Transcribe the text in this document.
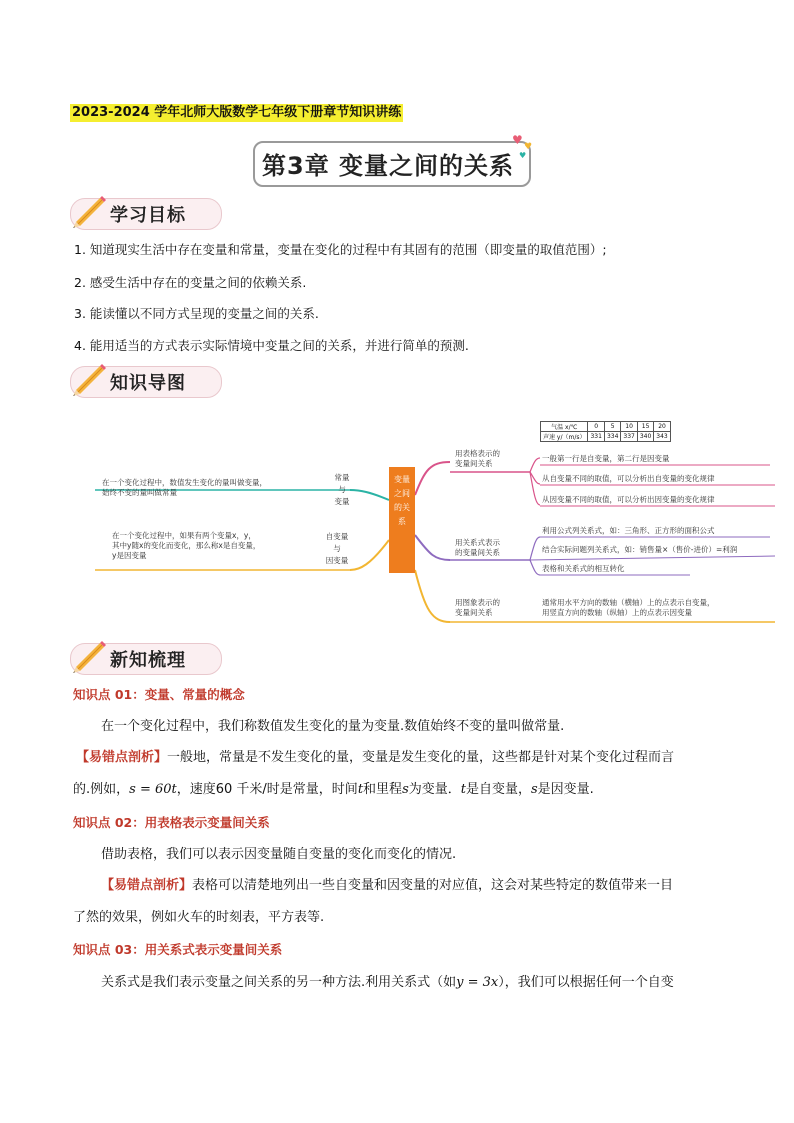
2023-2024 学年北师大版数学七年级下册章节知识讲练
第3章 变量之间的关系
♥ ♥
♥
学习目标
1. 知道现实生活中存在变量和常量，变量在变化的过程中有其固有的范围（即变量的取值范围）;
2. 感受生活中存在的变量之间的依赖关系.
3. 能读懂以不同方式呈现的变量之间的关系.
4. 能用适当的方式表示实际情境中变量之间的关系，并进行简单的预测.
知识导图
变量之间的关系
在一个变化过程中，数值发生变化的量叫做变量，
始终不变的量叫做常量
常量
与
变量
在一个变化过程中，如果有两个变量x，y，
其中y随x的变化而变化，那么称x是自变量，
y是因变量
自变量
与
因变量
用表格表示的
变量间关系
用关系式表示
的变量间关系
用图象表示的
变量间关系
气温 x/℃	0	5	10	15	20
声速 y/（m/s）	331	334	337	340	343
一般第一行是自变量，第二行是因变量
从自变量不同的取值，可以分析出自变量的变化规律
从因变量不同的取值，可以分析出因变量的变化规律
利用公式列关系式，如：三角形、正方形的面积公式
结合实际问题列关系式，如：销售量×（售价-进价）=利润
表格和关系式的相互转化
通常用水平方向的数轴（横轴）上的点表示自变量，
用竖直方向的数轴（纵轴）上的点表示因变量
新知梳理
知识点 01：变量、常量的概念
在一个变化过程中，我们称数值发生变化的量为变量.数值始终不变的量叫做常量.
【易错点剖析】一般地，常量是不发生变化的量，变量是发生变化的量，这些都是针对某个变化过程而言
的.例如，s = 60t，速度60 千米/时是常量，时间t和里程s为变量．t是自变量，s是因变量.
知识点 02：用表格表示变量间关系
借助表格，我们可以表示因变量随自变量的变化而变化的情况.
【易错点剖析】表格可以清楚地列出一些自变量和因变量的对应值，这会对某些特定的数值带来一目
了然的效果，例如火车的时刻表，平方表等.
知识点 03：用关系式表示变量间关系
关系式是我们表示变量之间关系的另一种方法.利用关系式（如y = 3x），我们可以根据任何一个自变
